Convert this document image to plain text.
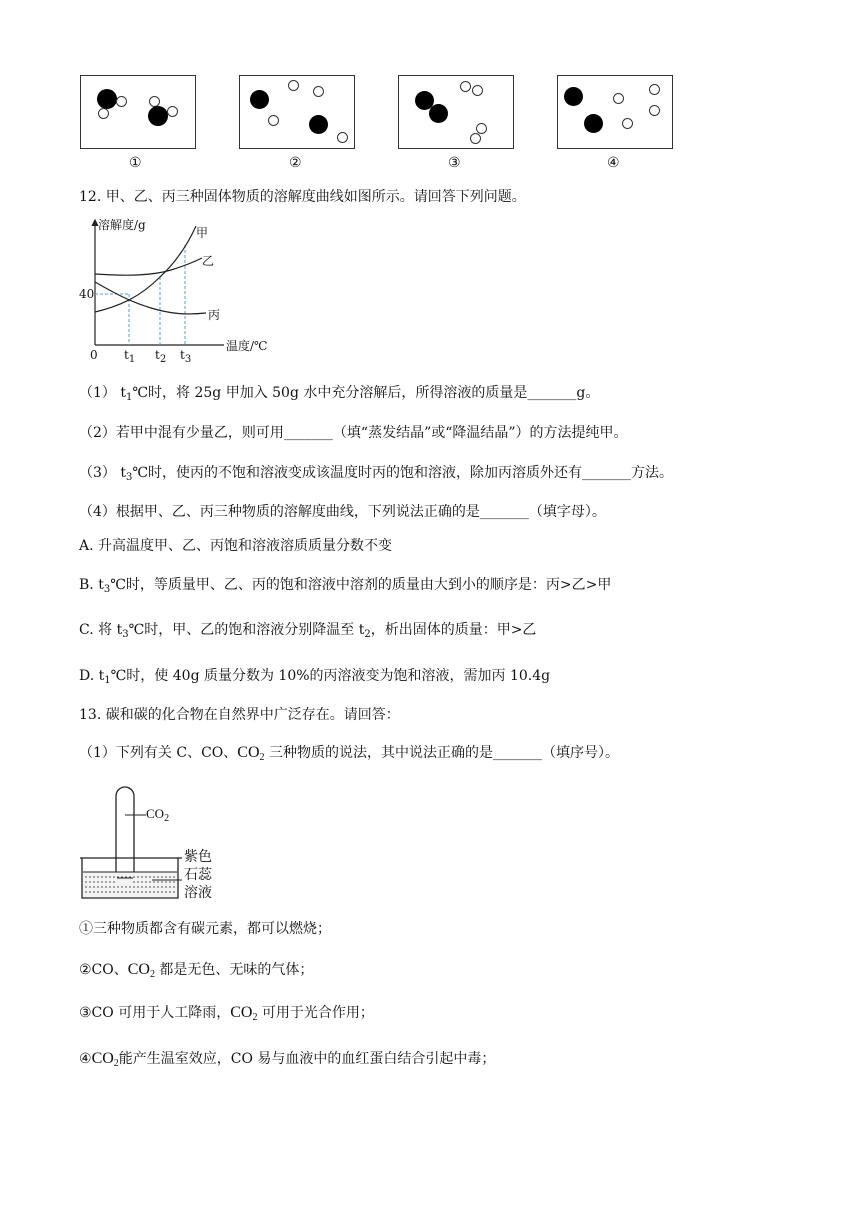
①	②	③	④
12. 甲、乙、丙三种固体物质的溶解度曲线如图所示。请回答下列问题。
溶解度/g
40
0
温度/℃
甲
乙
丙
$t_1$ $t_2$ $t_3$
（1） $t_1℃$时，将 25g 甲加入 50g 水中充分溶解后，所得溶液的质量是_______g。
（2）若甲中混有少量乙，则可用_______（填“蒸发结晶”或“降温结晶”）的方法提纯甲。
（3） $t_3℃$时，使丙的不饱和溶液变成该温度时丙的饱和溶液，除加丙溶质外还有_______方法。
（4）根据甲、乙、丙三种物质的溶解度曲线，下列说法正确的是_______（填字母）。
A. 升高温度甲、乙、丙饱和溶液溶质质量分数不变
B. $t_3℃$时，等质量甲、乙、丙的饱和溶液中溶剂的质量由大到小的顺序是：丙>乙>甲
C. 将 $t_3℃$时，甲、乙的饱和溶液分别降温至 $t_2$，析出固体的质量：甲>乙
D. $t_1℃$时，使 40g 质量分数为 10%的丙溶液变为饱和溶液，需加丙 10.4g
13. 碳和碳的化合物在自然界中广泛存在。请回答：
（1）下列有关 C、CO、$CO_2$ 三种物质的说法，其中说法正确的是_______（填序号）。
$CO_2$
紫色
石蕊
溶液
①三种物质都含有碳元素，都可以燃烧；
②CO、$CO_2$ 都是无色、无味的气体；
③CO 可用于人工降雨，$CO_2$ 可用于光合作用；
$④CO_2$能产生温室效应，CO 易与血液中的血红蛋白结合引起中毒；
